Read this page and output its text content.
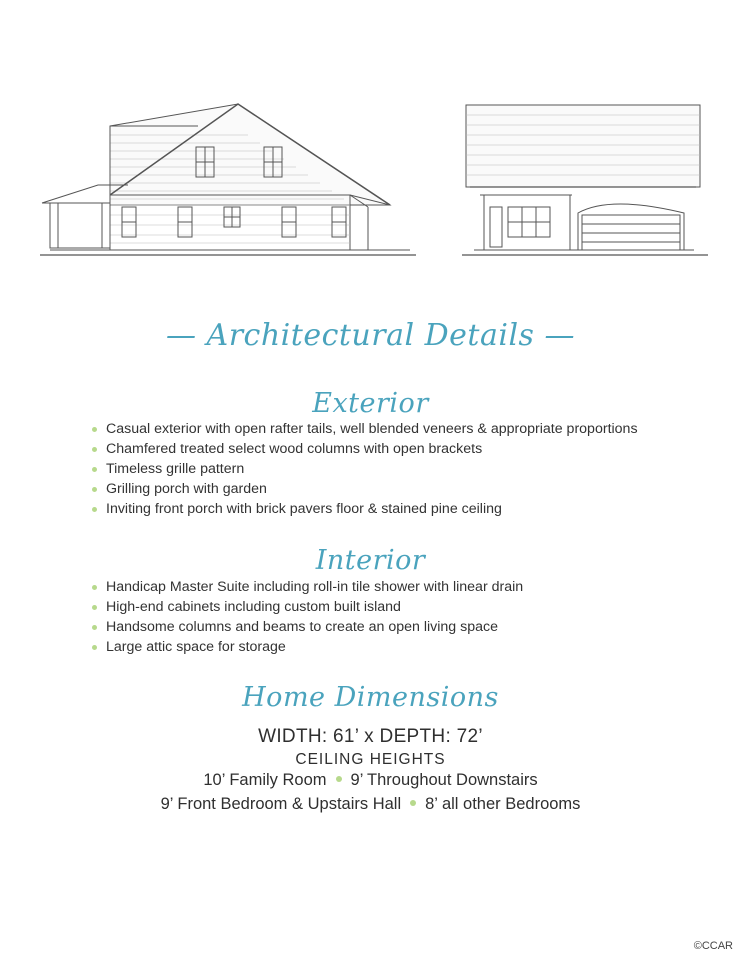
— Architectural Details —
Exterior
Casual exterior with open rafter tails, well blended veneers & appropriate proportions
Chamfered treated select wood columns with open brackets
Timeless grille pattern
Grilling porch with garden
Inviting front porch with brick pavers floor & stained pine ceiling
Interior
Handicap Master Suite including roll-in tile shower with linear drain
High-end cabinets including custom built island
Handsome columns and beams to create an open living space
Large attic space for storage
Home Dimensions
WIDTH: 61’ x DEPTH: 72’
CEILING HEIGHTS
10’ Family Room 9’ Throughout Downstairs
9’ Front Bedroom & Upstairs Hall 8’ all other Bedrooms
©CCAR
